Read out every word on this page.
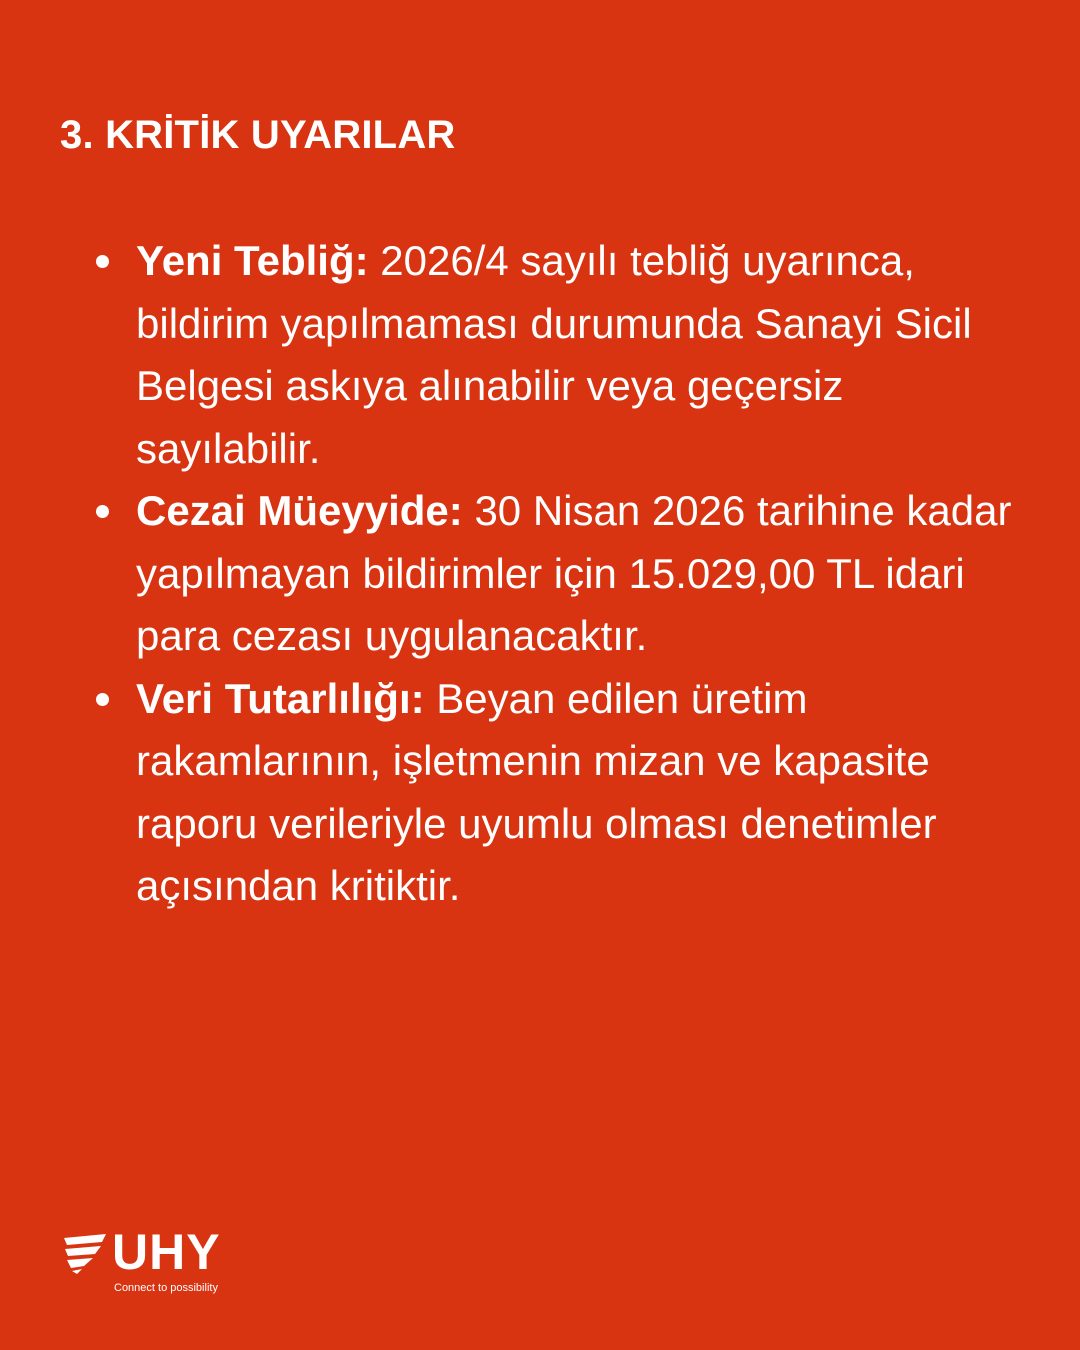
3. KRİTİK UYARILAR
Yeni Tebliğ: 2026/4 sayılı tebliğ uyarınca, bildirim yapılmaması durumunda Sanayi Sicil Belgesi askıya alınabilir veya geçersiz sayılabilir.
Cezai Müeyyide: 30 Nisan 2026 tarihine kadar yapılmayan bildirimler için 15.029,00 TL idari para cezası uygulanacaktır.
Veri Tutarlılığı: Beyan edilen üretim rakamlarının, işletmenin mizan ve kapasite raporu verileriyle uyumlu olması denetimler açısından kritiktir.
UHY
Connect to possibility
